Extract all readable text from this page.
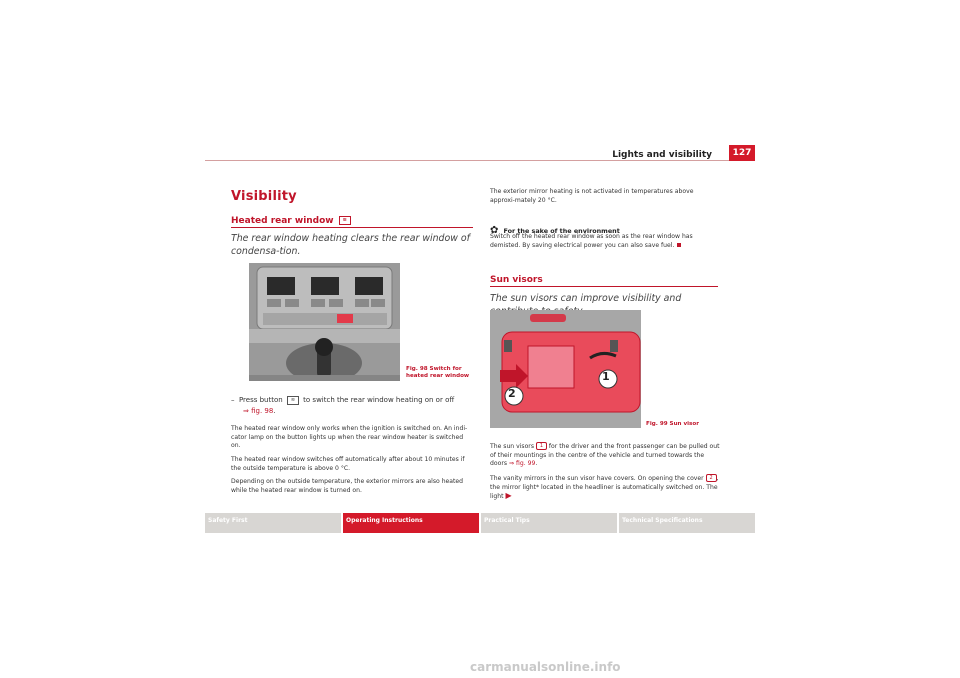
Lights and visibility	127
Visibility
Heated rear window ≋
The rear window heating clears the rear window of condensa-tion.
Fig. 98 Switch for heated rear window
– Press button ≋ to switch the rear window heating on or off
⇒ fig. 98.
The heated rear window only works when the ignition is switched on. An indi-cator lamp on the button lights up when the rear window heater is switched on.
The heated rear window switches off automatically after about 10 minutes if the outside temperature is above 0 °C.
Depending on the outside temperature, the exterior mirrors are also heated while the heated rear window is turned on.
The exterior mirror heating is not activated in temperatures above approxi-mately 20 °C.
✿ For the sake of the environment
Switch off the heated rear window as soon as the rear window has demisted. By saving electrical power you can also save fuel.
Sun visors
The sun visors can improve visibility and
1
2
Fig. 99 Sun visor
The sun visors 1 for the driver and the front passenger can be pulled out of their mountings in the centre of the vehicle and turned towards the doors ⇒ fig. 99.
The vanity mirrors in the sun visor have covers. On opening the cover 2 , the mirror light* located in the headliner is automatically switched on. The light ▶
Safety First	Operating Instructions	Practical Tips	Technical Specifications
carmanualsonline.info
